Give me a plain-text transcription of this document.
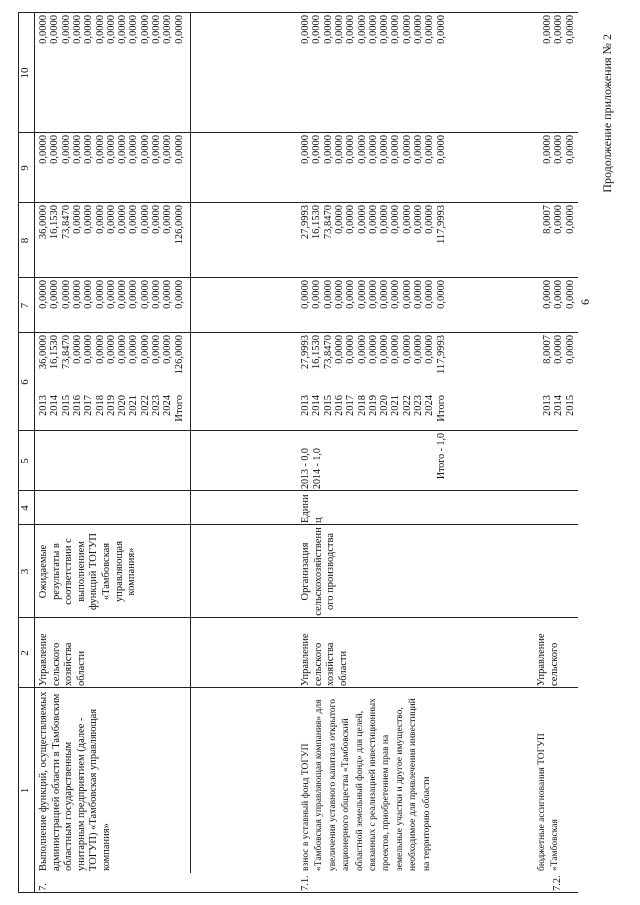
6
Продолжение приложения № 2
1
2
3
4
5
6
7
8
9
10
7.
Выполнение функций, осуществляемых администрацией области в Тамбовским областным государственным унитарным предприятием (далее - ТОГУП) «Тамбовская управляющая компания»
Управление сельского хозяйства области
Ожидаемые результаты в соответствии с выполнением функций ТОГУП «Тамбовская управляющая компания»
2013 2014 2015 2016 2017 2018 2019 2020 2021 2022 2023 2024 Итого
36,0000 16,1530 73,8470 0,0000 0,0000 0,0000 0,0000 0,0000 0,0000 0,0000 0,0000 0,0000 126,0000
0,0000 0,0000 0,0000 0,0000 0,0000 0,0000 0,0000 0,0000 0,0000 0,0000 0,0000 0,0000 0,0000
36,0000 16,1530 73,8470 0,0000 0,0000 0,0000 0,0000 0,0000 0,0000 0,0000 0,0000 0,0000 126,0000
0,0000 0,0000 0,0000 0,0000 0,0000 0,0000 0,0000 0,0000 0,0000 0,0000 0,0000 0,0000 0,0000
0,0000 0,0000 0,0000 0,0000 0,0000 0,0000 0,0000 0,0000 0,0000 0,0000 0,0000 0,0000 0,0000
7.1.
взнос в уставный фонд ТОГУП «Тамбовская управляющая компания» для увеличения уставного капитала открытого акционерного общества «Тамбовский областной земельный фонд» для целей, связанных с реализацией инвестиционных проектов, приобретением прав на земельные участки и другое имущество, необходимое для привлечения инвестиций на территорию области
Управление сельского хозяйства области
Организация сельскохозяйственного производства
Единиц
2013 - 0,0 2014 - 1,0	Итого - 1,0
2013 2014 2015 2016 2017 2018 2019 2020 2021 2022 2023 2024 Итого
27,9993 16,1530 73,8470 0,0000 0,0000 0,0000 0,0000 0,0000 0,0000 0,0000 0,0000 0,0000 117,9993
0,0000 0,0000 0,0000 0,0000 0,0000 0,0000 0,0000 0,0000 0,0000 0,0000 0,0000 0,0000 0,0000
27,9993 16,1530 73,8470 0,0000 0,0000 0,0000 0,0000 0,0000 0,0000 0,0000 0,0000 0,0000 117,9993
0,0000 0,0000 0,0000 0,0000 0,0000 0,0000 0,0000 0,0000 0,0000 0,0000 0,0000 0,0000 0,0000
0,0000 0,0000 0,0000 0,0000 0,0000 0,0000 0,0000 0,0000 0,0000 0,0000 0,0000 0,0000 0,0000
7.2.
бюджетные ассигнования ТОГУП «Тамбовская
Управление сельского
2013 2014 2015
8,0007 0,0000 0,0000
0,0000 0,0000 0,0000
8,0007 0,0000 0,0000
0,0000 0,0000 0,0000
0,0000 0,0000 0,0000
